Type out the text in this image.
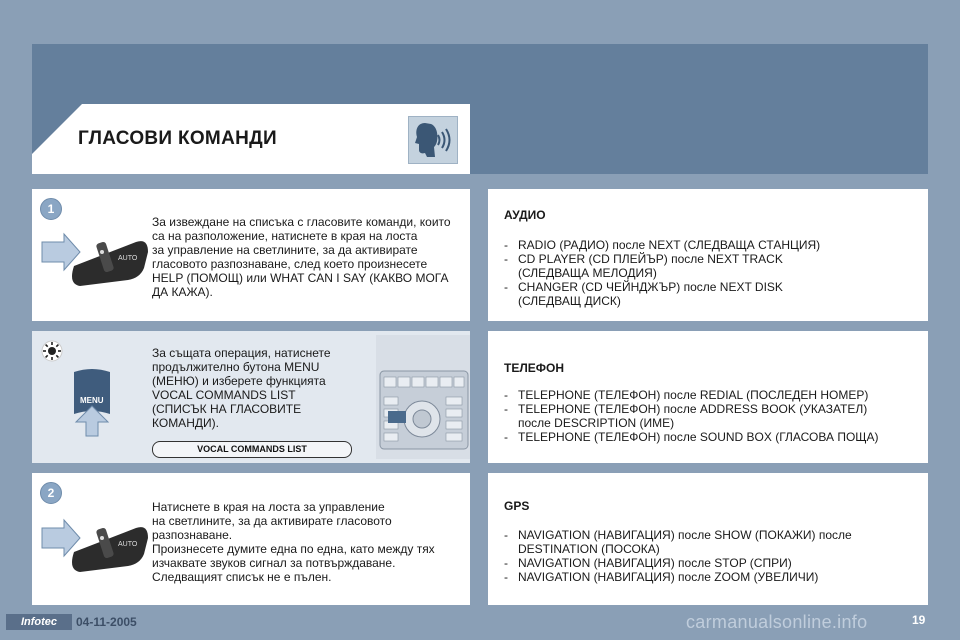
ГЛАСОВИ КОМАНДИ
1
2
AUTO

За извеждане на списъка с гласовите команди, които
са на разположение, натиснете в края на лоста
за управление на светлините, за да активирате
гласовото разпознаване, след което произнесете
HELP (ПОМОЩ) или WHAT CAN I SAY (КАКВО МОГА
ДА КАЖА).

MENU

За същата операция, натиснете
продължително бутона MENU
(МЕНЮ) и изберете функцията
VOCAL COMMANDS LIST
(СПИСЪК НА ГЛАСОВИТЕ
КОМАНДИ).

VOCAL COMMANDS LIST
AUTO

Натиснете в края на лоста за управление
на светлините, за да активирате гласовото
разпознаване.
Произнесете думите една по една, като между тях
изчаквате звуков сигнал за потвърждаване.
Следващият списък не е пълен.

АУДИО
- RADIO (РАДИО) после NEXT (СЛЕДВАЩА СТАНЦИЯ)
- CD PLAYER (CD ПЛЕЙЪР) после NEXT TRACK
(СЛЕДВАЩА МЕЛОДИЯ)
- CHANGER (CD ЧЕЙНДЖЪР) после NEXT DISK
(СЛЕДВАЩ ДИСК)
ТЕЛЕФОН
- TELEPHONE (ТЕЛЕФОН) после REDIAL (ПОСЛЕДЕН НОМЕР)
- TELEPHONE (ТЕЛЕФОН) после ADDRESS BOOK (УКАЗАТЕЛ)
после DESCRIPTION (ИМЕ)
- TELEPHONE (ТЕЛЕФОН) после SOUND BOX (ГЛАСОВА ПОЩА)
GPS
- NAVIGATION (НАВИГАЦИЯ) после SHOW (ПОКАЖИ) после
DESTINATION (ПОСОКА)
- NAVIGATION (НАВИГАЦИЯ) после STOP (СПРИ)
- NAVIGATION (НАВИГАЦИЯ) после ZOOM (УВЕЛИЧИ)
Infotec	04-11-2005	carmanualsonline.info	19
